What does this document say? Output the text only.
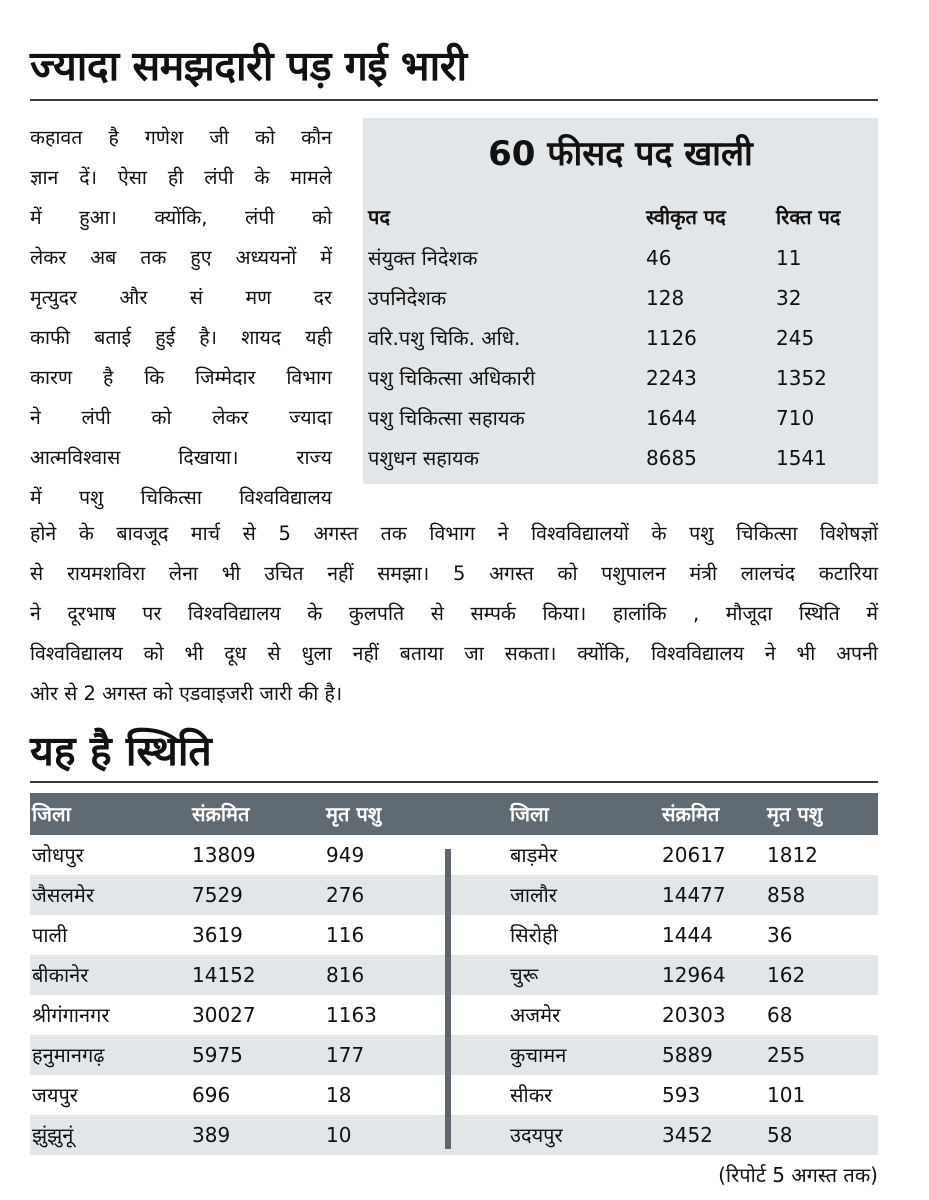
ज्यादा समझदारी पड़ गई भारी

कहावत है गणेश जी को कौन
ज्ञान दें। ऐसा ही लंपी के मामले
में हुआ। क्योंकि, लंपी को
लेकर अब तक हुए अध्ययनों में
मृत्युदर और सं मण दर
काफी बताई हुई है। शायद यही
कारण है कि जिम्मेदार विभाग
ने लंपी को लेकर ज्यादा
आत्मविश्वास दिखाया। राज्य
में पशु चिकित्सा विश्वविद्यालय

60 फीसद पद खाली
पद	स्वीकृत पद	रिक्त पद
संयुक्त निदेशक	46	11
उपनिदेशक	128	32
वरि.पशु चिकि. अधि.	1126	245
पशु चिकित्सा अधिकारी	2243	1352
पशु चिकित्सा सहायक	1644	710
पशुधन सहायक	8685	1541

होने के बावजूद मार्च से 5 अगस्त तक विभाग ने विश्वविद्यालयों के पशु चिकित्सा विशेषज्ञों
से रायमशविरा लेना भी उचित नहीं समझा। 5 अगस्त को पशुपालन मंत्री लालचंद कटारिया
ने दूरभाष पर विश्वविद्यालय के कुलपति से सम्पर्क किया। हालांकि , मौजूदा स्थिति में
विश्वविद्यालय को भी दूध से धुला नहीं बताया जा सकता। क्योंकि, विश्वविद्यालय ने भी अपनी
ओर से 2 अगस्त को एडवाइजरी जारी की है।

यह है स्थिति
जिला	संक्रमित	मृत पशु	जिला	संक्रमित मृत पशु
जोधपुर	13809	949	बाड़मेर	20617 1812
जैसलमेर	7529	276	जालौर	14477 858
पाली	3619	116	सिरोही	1444	36
बीकानेर	14152	816	चुरू	12964 162
श्रीगंगानगर	30027	1163	अजमेर	20303 68
हनुमानगढ़	5975	177	कुचामन	5889	255
जयपुर	696	18	सीकर	593	101
झुंझुनूं	389	10	उदयपुर	3452	58

(रिपोर्ट 5 अगस्त तक)
